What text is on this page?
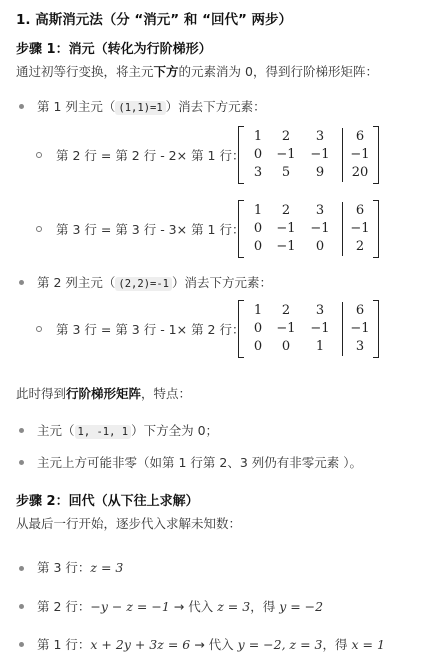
1. 高斯消元法（分 “消元” 和 “回代” 两步）
步骤 1：消元（转化为行阶梯形）
通过初等行变换，将主元下方的元素消为 0，得到行阶梯形矩阵：
第 1 列主元（ (1,1)=1 ）消去下方元素：
第 2 行 = 第 2 行 - 2× 第 1 行：
1	2	3	6
0	−1	−1	−1
3	5	9	20
第 3 行 = 第 3 行 - 3× 第 1 行：
1	2	3	6
0	−1	−1	−1
0	−1	0	2
第 2 列主元（ (2,2)=-1 ）消去下方元素：
第 3 行 = 第 3 行 - 1× 第 2 行：
1	2	3	6
0	−1	−1	−1
0	0	1	3
此时得到行阶梯形矩阵，特点：
主元（ 1, -1, 1 ）下方全为 0；
主元上方可能非零（如第 1 行第 2、3 列仍有非零元素 ）。
步骤 2：回代（从下往上求解）
从最后一行开始，逐步代入求解未知数：
第 3 行：z = 3
第 2 行：−y − z = −1 → 代入 z = 3，得 y = −2
第 1 行：x + 2y + 3z = 6 → 代入 y = −2, z = 3，得 x = 1
